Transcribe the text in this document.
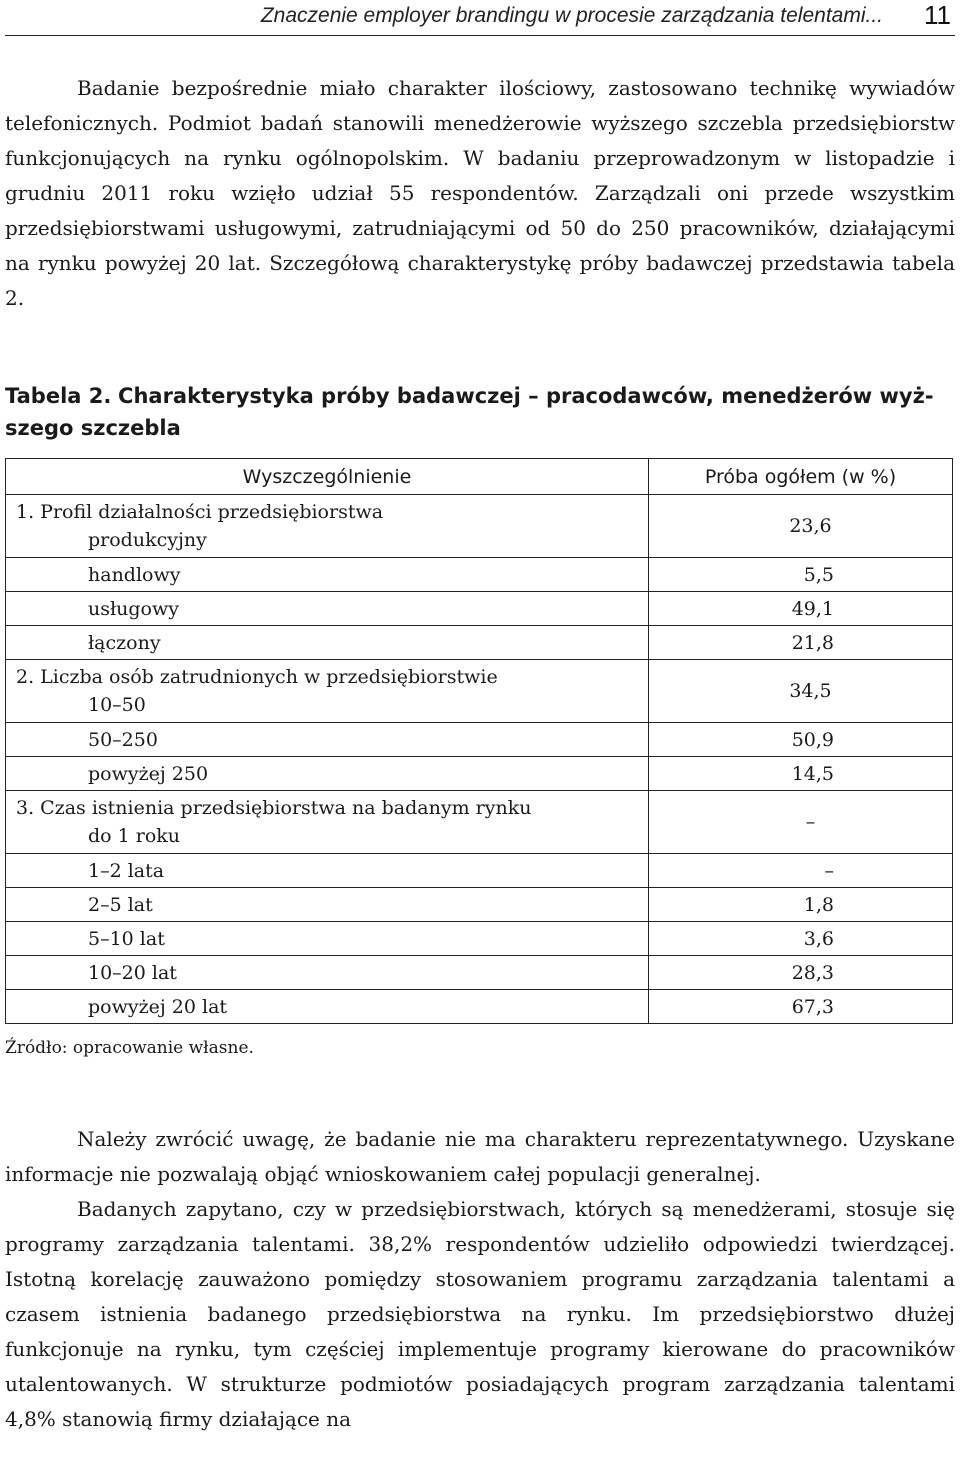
Znaczenie employer brandingu w procesie zarządzania telentami... 11

Badanie bezpośrednie miało charakter ilościowy, zastosowano technikę wywiadów telefonicznych. Podmiot badań stanowili menedżerowie wyższego szczebla przedsiębiorstw funkcjonujących na rynku ogólnopolskim. W badaniu przeprowadzonym w listopadzie i grudniu 2011 roku wzięło udział 55 respondentów. Zarządzali oni przede wszystkim przedsiębiorstwami usługowymi, zatrudniającymi od 50 do 250 pracowników, działającymi na rynku powyżej 20 lat. Szczegółową charakterystykę próby badawczej przedstawia tabela 2.

Tabela 2. Charakterystyka próby badawczej – pracodawców, menedżerów wyższego szczebla
Wyszczególnienie	Próba ogółem (w %)

1. Profil działalności przedsiębiorstwa
produkcyjny	23,6
handlowy	5,5
usługowy	49,1
łączony	21,8

2. Liczba osób zatrudnionych w przedsiębiorstwie
10–50	34,5
50–250	50,9
powyżej 250	14,5

3. Czas istnienia przedsiębiorstwa na badanym rynku
do 1 roku	–
1–2 lata	–
2–5 lat	1,8
5–10 lat	3,6
10–20 lat	28,3
powyżej 20 lat	67,3
Źródło: opracowanie własne.

Należy zwrócić uwagę, że badanie nie ma charakteru reprezentatywnego. Uzyskane informacje nie pozwalają objąć wnioskowaniem całej populacji generalnej.

Badanych zapytano, czy w przedsiębiorstwach, których są menedżerami, stosuje się programy zarządzania talentami. 38,2% respondentów udzieliło odpowiedzi twierdzącej. Istotną korelację zauważono pomiędzy stosowaniem programu zarządzania talentami a czasem istnienia badanego przedsiębiorstwa na rynku. Im przedsiębiorstwo dłużej funkcjonuje na rynku, tym częściej implementuje programy kierowane do pracowników utalentowanych. W strukturze podmiotów posiadających program zarządzania talentami 4,8% stanowią firmy działające na
